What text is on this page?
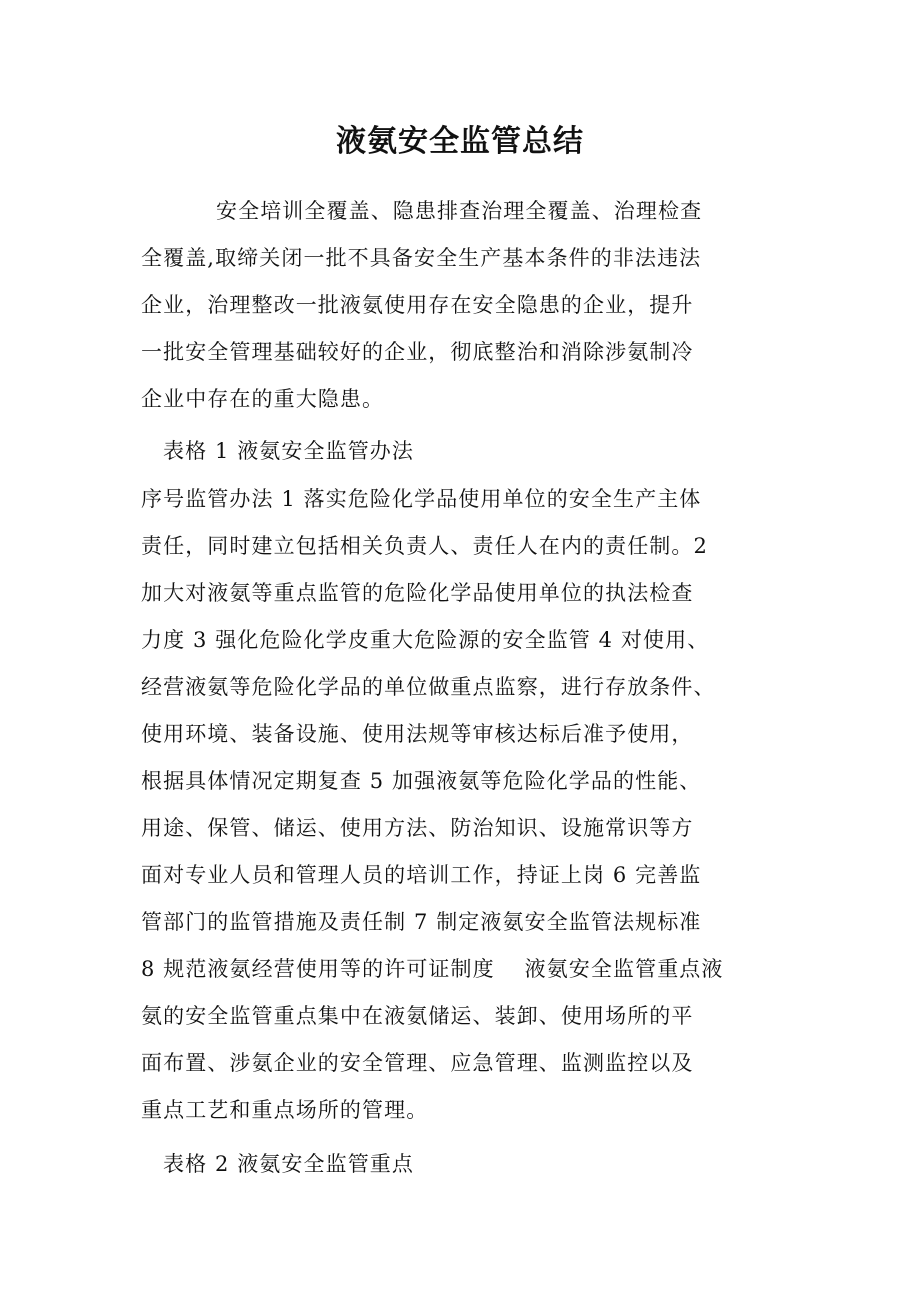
液氨安全监管总结

安全培训全覆盖、隐患排查治理全覆盖、治理检查

全覆盖,取缔关闭一批不具备安全生产基本条件的非法违法

企业，治理整改一批液氨使用存在安全隐患的企业，提升

一批安全管理基础较好的企业，彻底整治和消除涉氨制冷

企业中存在的重大隐患。

表格 1 液氨安全监管办法

序号监管办法 1 落实危险化学品使用单位的安全生产主体

责任，同时建立包括相关负责人、责任人在内的责任制。2

加大对液氨等重点监管的危险化学品使用单位的执法检查

力度 3 强化危险化学皮重大危险源的安全监管 4 对使用、

经营液氨等危险化学品的单位做重点监察，进行存放条件、

使用环境、装备设施、使用法规等审核达标后准予使用，

根据具体情况定期复查 5 加强液氨等危险化学品的性能、

用途、保管、储运、使用方法、防治知识、设施常识等方

面对专业人员和管理人员的培训工作，持证上岗 6 完善监

管部门的监管措施及责任制 7 制定液氨安全监管法规标准

8 规范液氨经营使用等的许可证制度　 液氨安全监管重点液

氨的安全监管重点集中在液氨储运、装卸、使用场所的平

面布置、涉氨企业的安全管理、应急管理、监测监控以及

重点工艺和重点场所的管理。

表格 2 液氨安全监管重点
